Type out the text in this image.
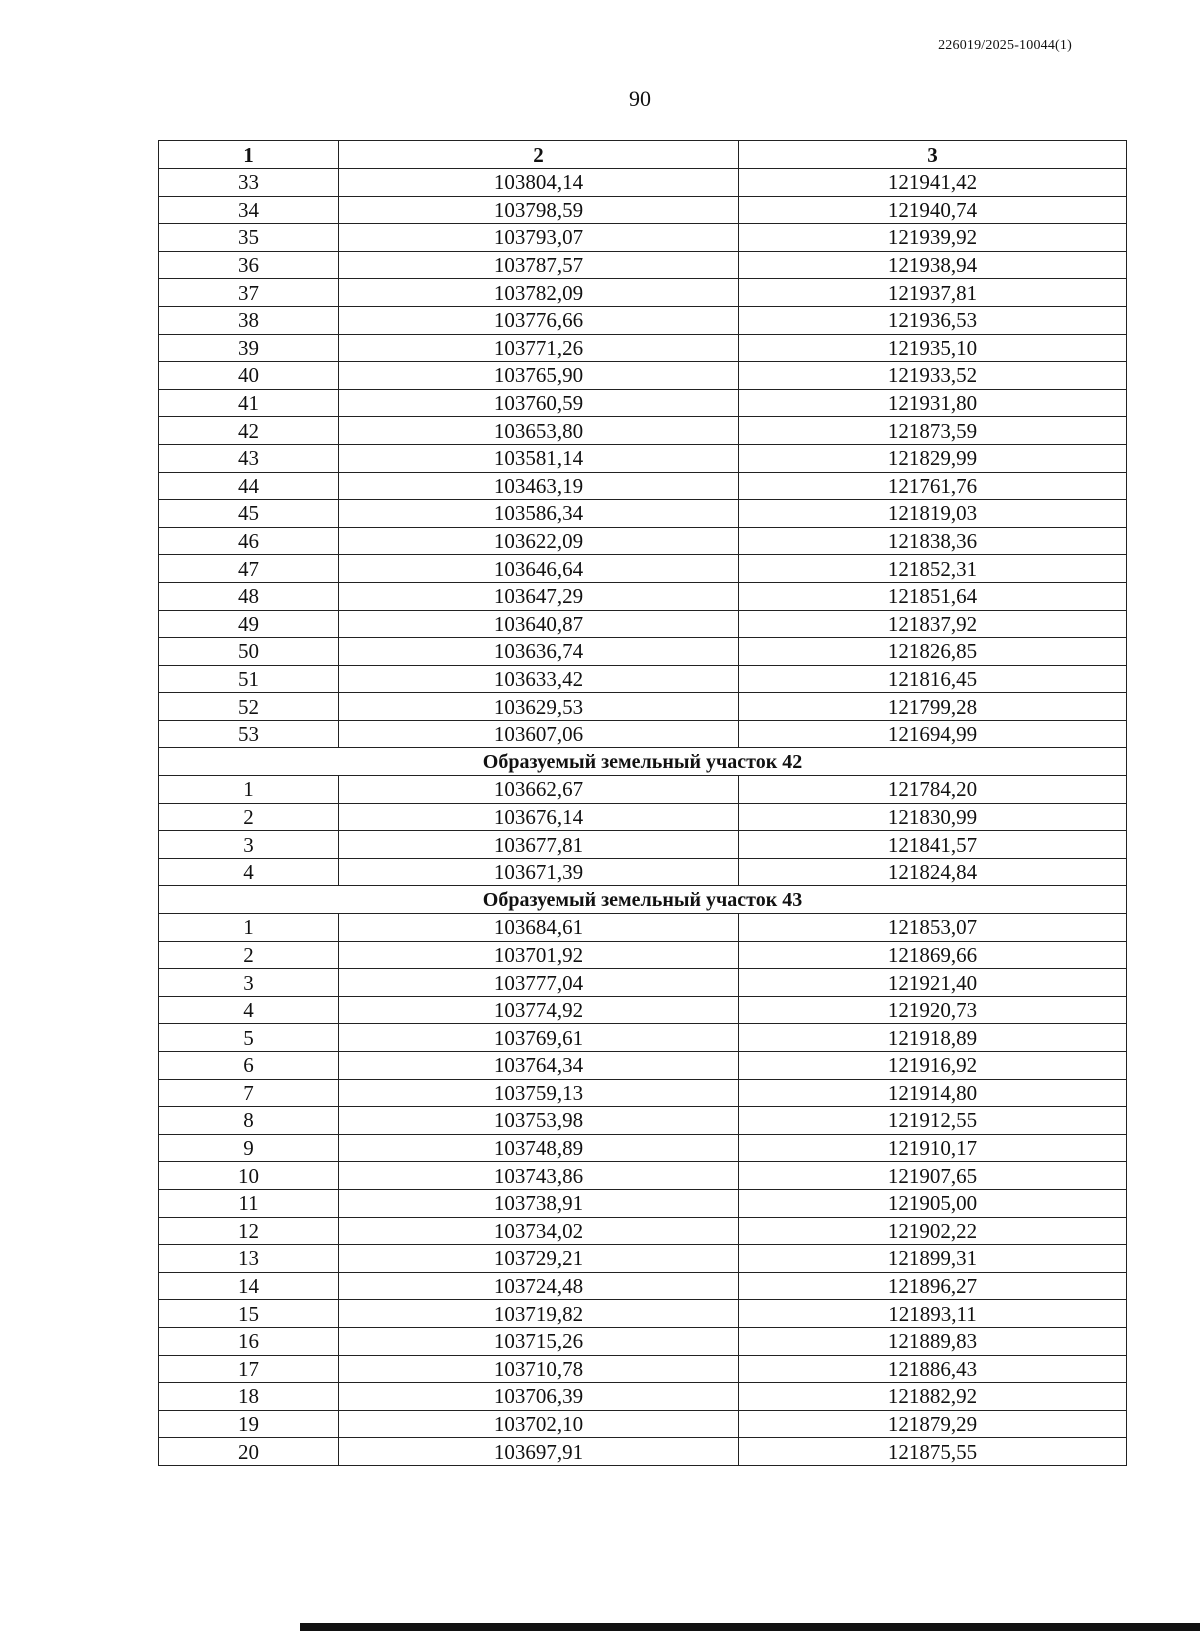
226019/2025-10044(1)
90
1	2	3
33	103804,14	121941,42
34	103798,59	121940,74
35	103793,07	121939,92
36	103787,57	121938,94
37	103782,09	121937,81
38	103776,66	121936,53
39	103771,26	121935,10
40	103765,90	121933,52
41	103760,59	121931,80
42	103653,80	121873,59
43	103581,14	121829,99
44	103463,19	121761,76
45	103586,34	121819,03
46	103622,09	121838,36
47	103646,64	121852,31
48	103647,29	121851,64
49	103640,87	121837,92
50	103636,74	121826,85
51	103633,42	121816,45
52	103629,53	121799,28
53	103607,06	121694,99
Образуемый земельный участок 42		
1	103662,67	121784,20
2	103676,14	121830,99
3	103677,81	121841,57
4	103671,39	121824,84
Образуемый земельный участок 43		
1	103684,61	121853,07
2	103701,92	121869,66
3	103777,04	121921,40
4	103774,92	121920,73
5	103769,61	121918,89
6	103764,34	121916,92
7	103759,13	121914,80
8	103753,98	121912,55
9	103748,89	121910,17
10	103743,86	121907,65
11	103738,91	121905,00
12	103734,02	121902,22
13	103729,21	121899,31
14	103724,48	121896,27
15	103719,82	121893,11
16	103715,26	121889,83
17	103710,78	121886,43
18	103706,39	121882,92
19	103702,10	121879,29
20	103697,91	121875,55
